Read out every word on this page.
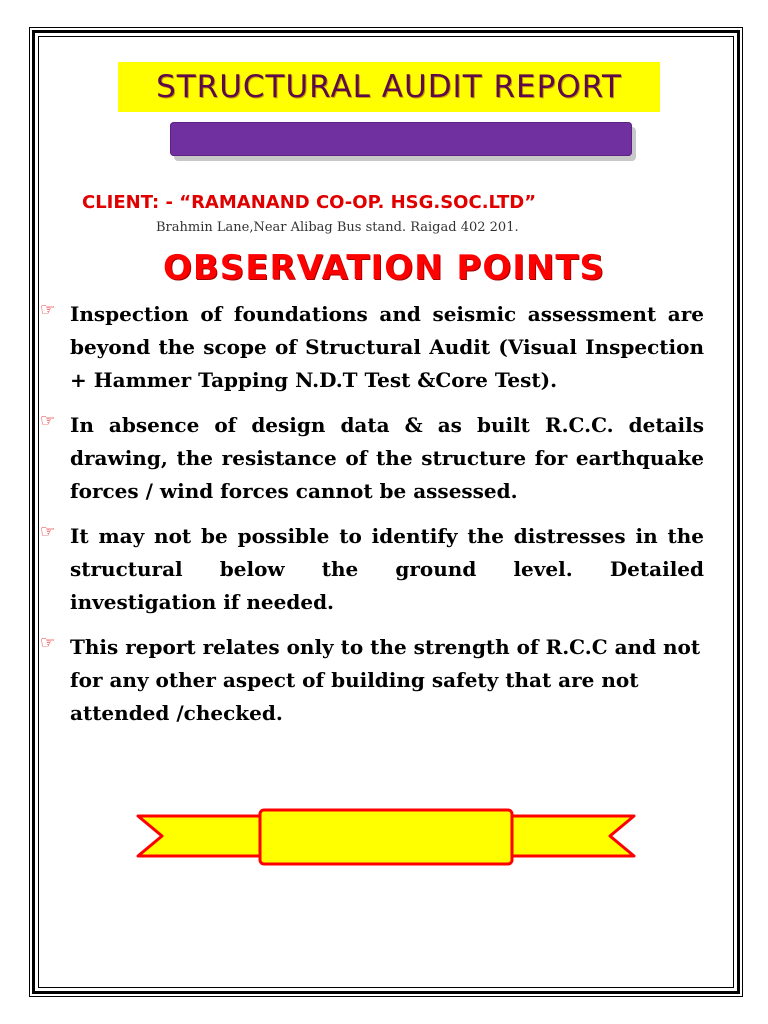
STRUCTURAL AUDIT REPORT
CLIENT: - “RAMANAND CO-OP. HSG.SOC.LTD”
Brahmin Lane,Near Alibag Bus stand. Raigad 402 201.
OBSERVATION POINTS
☞ Inspection of foundations and seismic assessment are beyond the scope of Structural Audit (Visual Inspection + Hammer Tapping N.D.T Test &Core Test).
☞ In absence of design data & as built R.C.C. details drawing, the resistance of the structure for earthquake forces / wind forces cannot be assessed.
☞ It may not be possible to identify the distresses in the structural below the ground level. Detailed investigation if needed.
☞ This report relates only to the strength of R.C.C and not for any other aspect of building safety that are not attended /checked.
